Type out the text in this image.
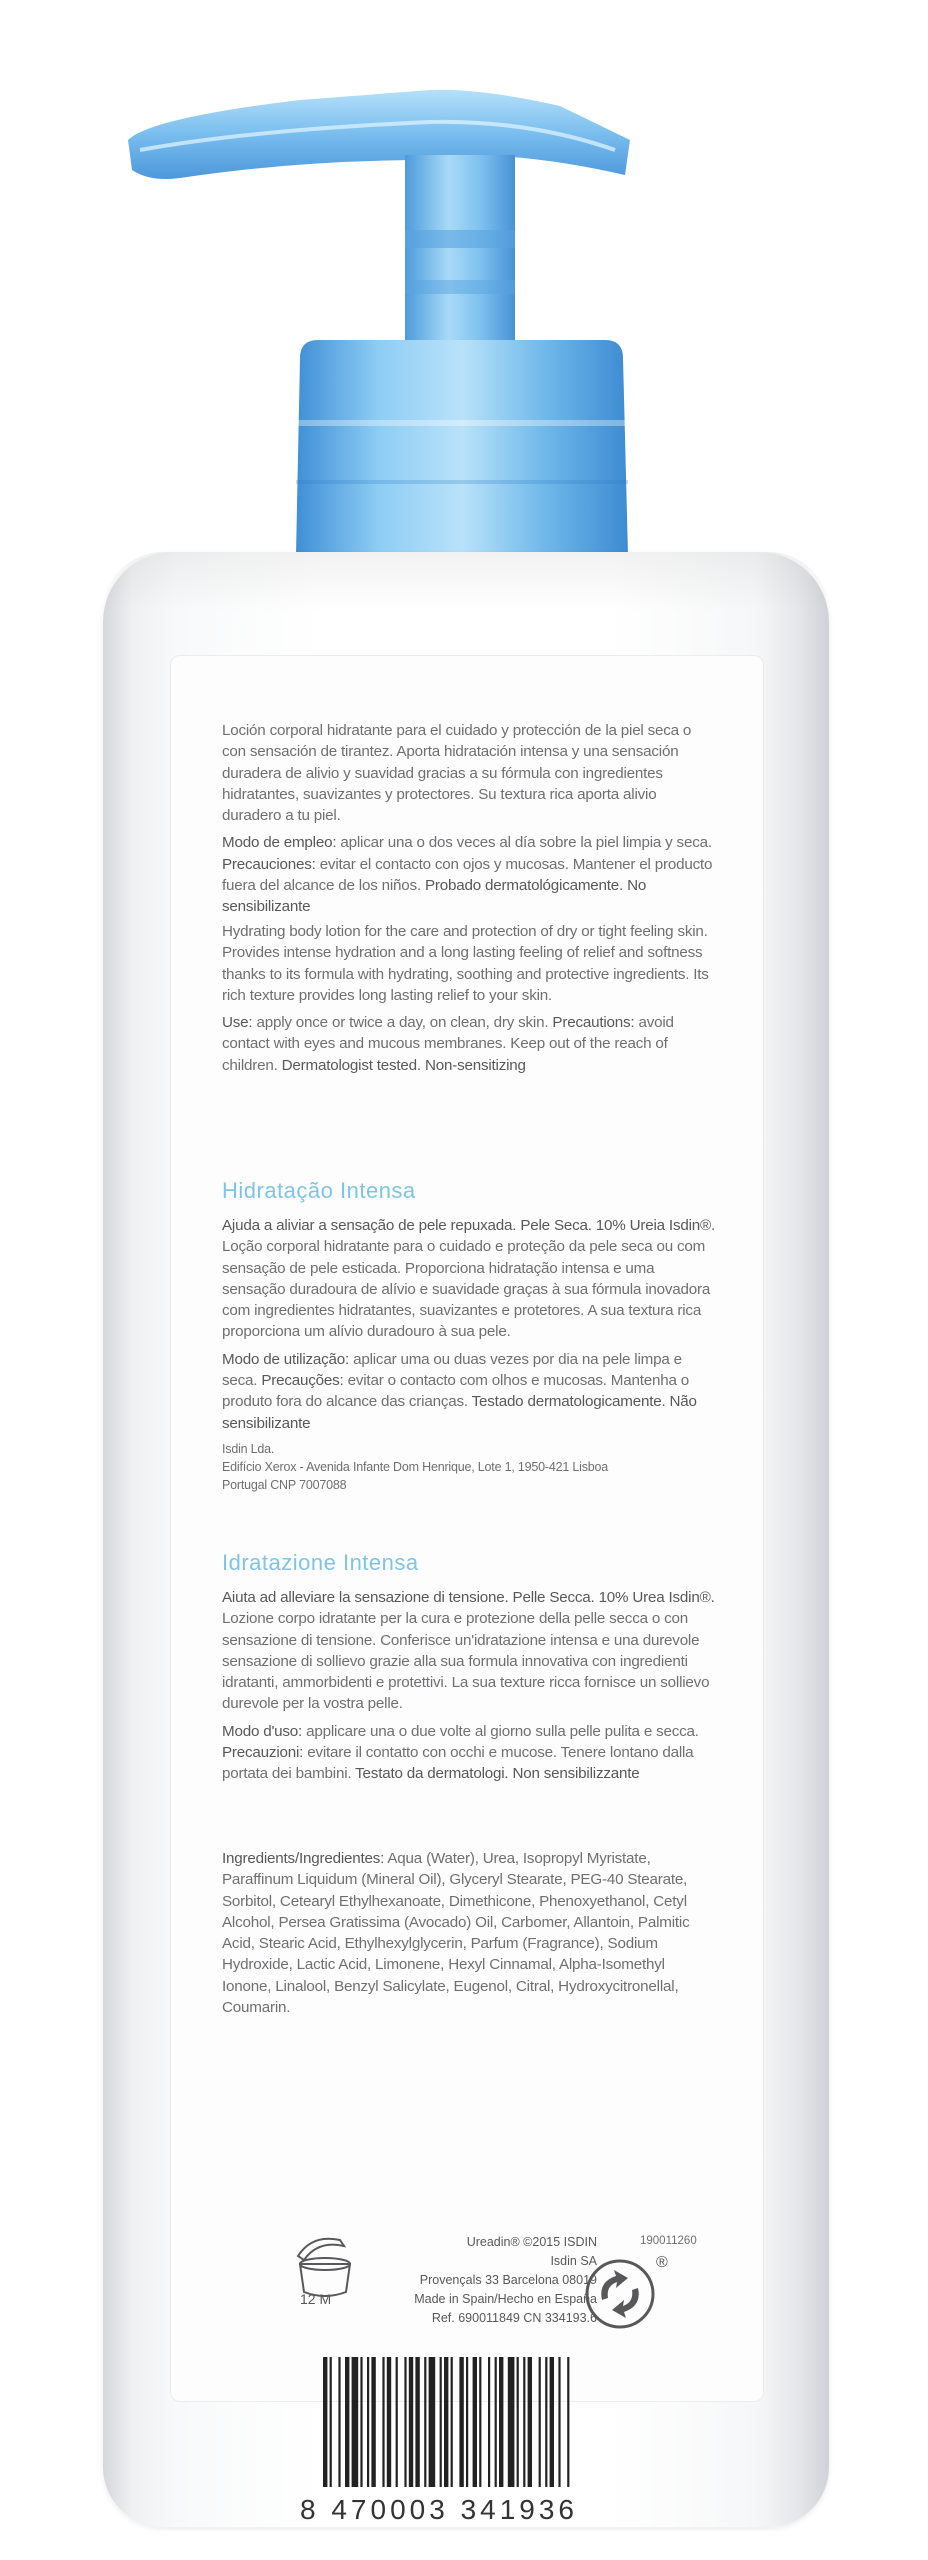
Loción corporal hidratante para el cuidado y protección de la piel seca o con sensación de tirantez. Aporta hidratación intensa y una sensación duradera de alivio y suavidad gracias a su fórmula con ingredientes hidratantes, suavizantes y protectores. Su textura rica aporta alivio duradero a tu piel.

Modo de empleo: aplicar una o dos veces al día sobre la piel limpia y seca. Precauciones: evitar el contacto con ojos y mucosas. Mantener el producto fuera del alcance de los niños. Probado dermatológicamente. No sensibilizante

Hydrating body lotion for the care and protection of dry or tight feeling skin. Provides intense hydration and a long lasting feeling of relief and softness thanks to its formula with hydrating, soothing and protective ingredients. Its rich texture provides long lasting relief to your skin.

Use: apply once or twice a day, on clean, dry skin. Precautions: avoid contact with eyes and mucous membranes. Keep out of the reach of children. Dermatologist tested. Non-sensitizing

Hidratação Intensa

Ajuda a aliviar a sensação de pele repuxada. Pele Seca. 10% Ureia Isdin®.

Loção corporal hidratante para o cuidado e proteção da pele seca ou com sensação de pele esticada. Proporciona hidratação intensa e uma sensação duradoura de alívio e suavidade graças à sua fórmula inovadora com ingredientes hidratantes, suavizantes e protetores. A sua textura rica proporciona um alívio duradouro à sua pele.

Modo de utilização: aplicar uma ou duas vezes por dia na pele limpa e seca. Precauções: evitar o contacto com olhos e mucosas. Mantenha o produto fora do alcance das crianças. Testado dermatologicamente. Não sensibilizante

Isdin Lda.

Edifício Xerox - Avenida Infante Dom Henrique, Lote 1, 1950-421 Lisboa

Portugal CNP 7007088

Idratazione Intensa

Aiuta ad alleviare la sensazione di tensione. Pelle Secca. 10% Urea Isdin®.

Lozione corpo idratante per la cura e protezione della pelle secca o con sensazione di tensione. Conferisce un'idratazione intensa e una durevole sensazione di sollievo grazie alla sua formula innovativa con ingredienti idratanti, ammorbidenti e protettivi. La sua texture ricca fornisce un sollievo durevole per la vostra pelle.

Modo d'uso: applicare una o due volte al giorno sulla pelle pulita e secca. Precauzioni: evitare il contatto con occhi e mucose. Tenere lontano dalla portata dei bambini. Testato da dermatologi. Non sensibilizzante

Ingredients/Ingredientes: Aqua (Water), Urea, Isopropyl Myristate, Paraffinum Liquidum (Mineral Oil), Glyceryl Stearate, PEG-40 Stearate, Sorbitol, Cetearyl Ethylhexanoate, Dimethicone, Phenoxyethanol, Cetyl Alcohol, Persea Gratissima (Avocado) Oil, Carbomer, Allantoin, Palmitic Acid, Stearic Acid, Ethylhexylglycerin, Parfum (Fragrance), Sodium Hydroxide, Lactic Acid, Limonene, Hexyl Cinnamal, Alpha-Isomethyl Ionone, Linalool, Benzyl Salicylate, Eugenol, Citral, Hydroxycitronellal, Coumarin.

12 M
Ureadin® ©2015 ISDIN
Isdin SA
Provençals 33 Barcelona 08019
Made in Spain/Hecho en España
Ref. 690011849 CN 334193.6
190011260
®
8 470003 341936
